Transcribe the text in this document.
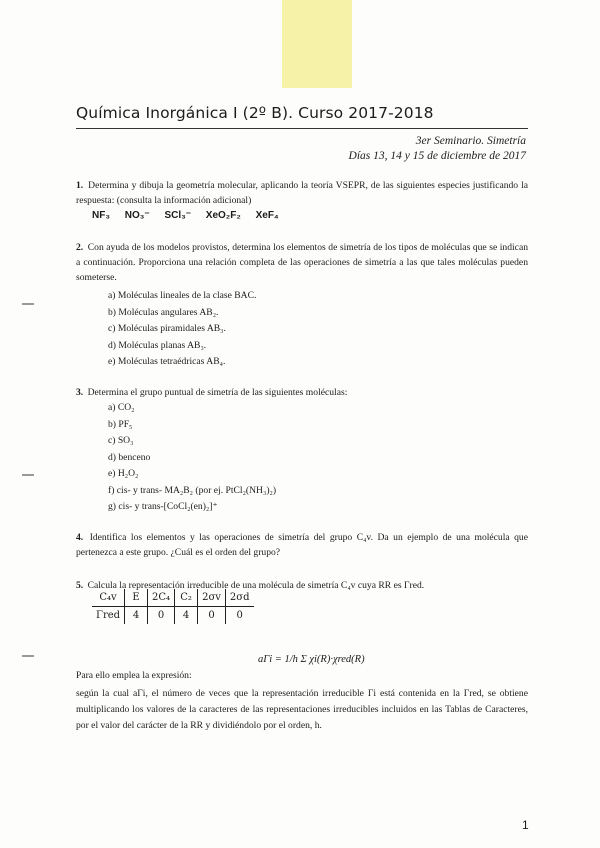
Química Inorgánica I (2º B). Curso 2017-2018
3er Seminario. Simetría
Días 13, 14 y 15 de diciembre de 2017
1. Determina y dibuja la geometría molecular, aplicando la teoría VSEPR, de las siguientes especies justificando la respuesta: (consulta la información adicional)
NF₃ NO₃⁻ SCl₃⁻ XeO₂F₂ XeF₄
2. Con ayuda de los modelos provistos, determina los elementos de simetría de los tipos de moléculas que se indican a continuación. Proporciona una relación completa de las operaciones de simetría a las que tales moléculas pueden someterse.
a) Moléculas lineales de la clase BAC.
b) Moléculas angulares AB₂.
c) Moléculas piramidales AB₃.
d) Moléculas planas AB₃.
e) Moléculas tetraédricas AB₄.
3. Determina el grupo puntual de simetría de las siguientes moléculas:
a) CO₂
b) PF₅
c) SO₃
d) benceno
e) H₂O₂
f) cis- y trans- MA₂B₂ (por ej. PtCl₂(NH₃)₂)
g) cis- y trans-[CoCl₂(en)₂]⁺
4. Identifica los elementos y las operaciones de simetría del grupo C₄v. Da un ejemplo de una molécula que pertenezca a este grupo. ¿Cuál es el orden del grupo?
5. Calcula la representación irreducible de una molécula de simetría C₄v cuya RR es Γred.
C₄v	E	2C₄	C₂	2σv	2σd
Γred	4	0	4	0	0
aΓi = 1/h Σ χi(R)·χred(R)
Para ello emplea la expresión:
según la cual aΓi, el número de veces que la representación irreducible Γi está contenida en la Γred, se obtiene multiplicando los valores de la caracteres de las representaciones irreducibles incluidos en las Tablas de Caracteres, por el valor del carácter de la RR y dividiéndolo por el orden, h.
1
